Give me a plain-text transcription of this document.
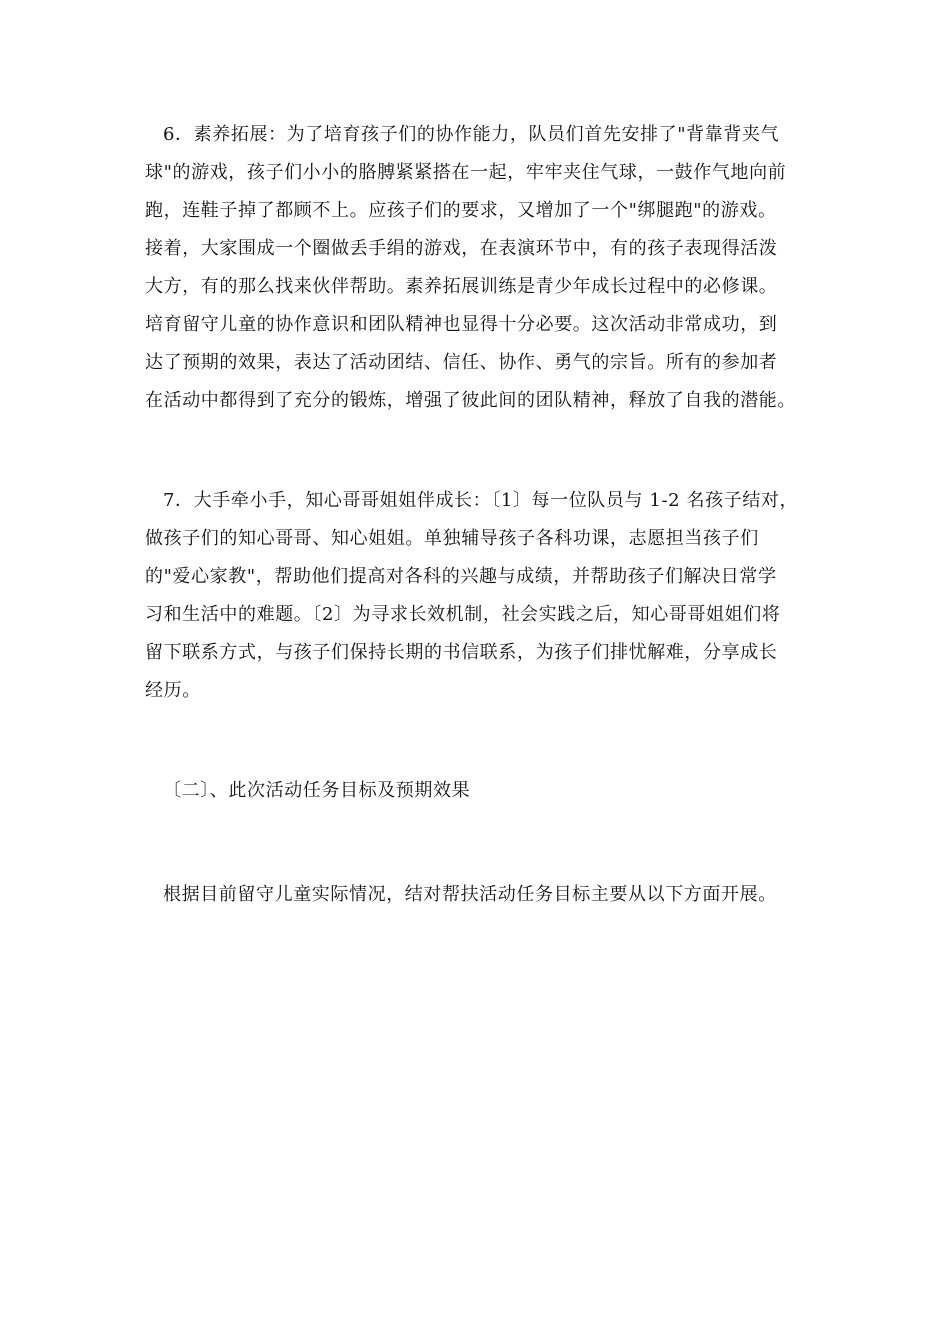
6．素养拓展：为了培育孩子们的协作能力，队员们首先安排了"背靠背夹气
球"的游戏，孩子们小小的胳膊紧紧搭在一起，牢牢夹住气球，一鼓作气地向前
跑，连鞋子掉了都顾不上。应孩子们的要求，又增加了一个"绑腿跑"的游戏。
接着，大家围成一个圈做丢手绢的游戏，在表演环节中，有的孩子表现得活泼
大方，有的那么找来伙伴帮助。素养拓展训练是青少年成长过程中的必修课。
培育留守儿童的协作意识和团队精神也显得十分必要。这次活动非常成功，到
达了预期的效果，表达了活动团结、信任、协作、勇气的宗旨。所有的参加者
在活动中都得到了充分的锻炼，增强了彼此间的团队精神，释放了自我的潜能。
7．大手牵小手，知心哥哥姐姐伴成长：〔1〕每一位队员与 1-2 名孩子结对，
做孩子们的知心哥哥、知心姐姐。单独辅导孩子各科功课，志愿担当孩子们
的"爱心家教"，帮助他们提高对各科的兴趣与成绩，并帮助孩子们解决日常学
习和生活中的难题。〔2〕为寻求长效机制，社会实践之后，知心哥哥姐姐们将
留下联系方式，与孩子们保持长期的书信联系，为孩子们排忧解难，分享成长
经历。
〔二〕、此次活动任务目标及预期效果
根据目前留守儿童实际情况，结对帮扶活动任务目标主要从以下方面开展。
